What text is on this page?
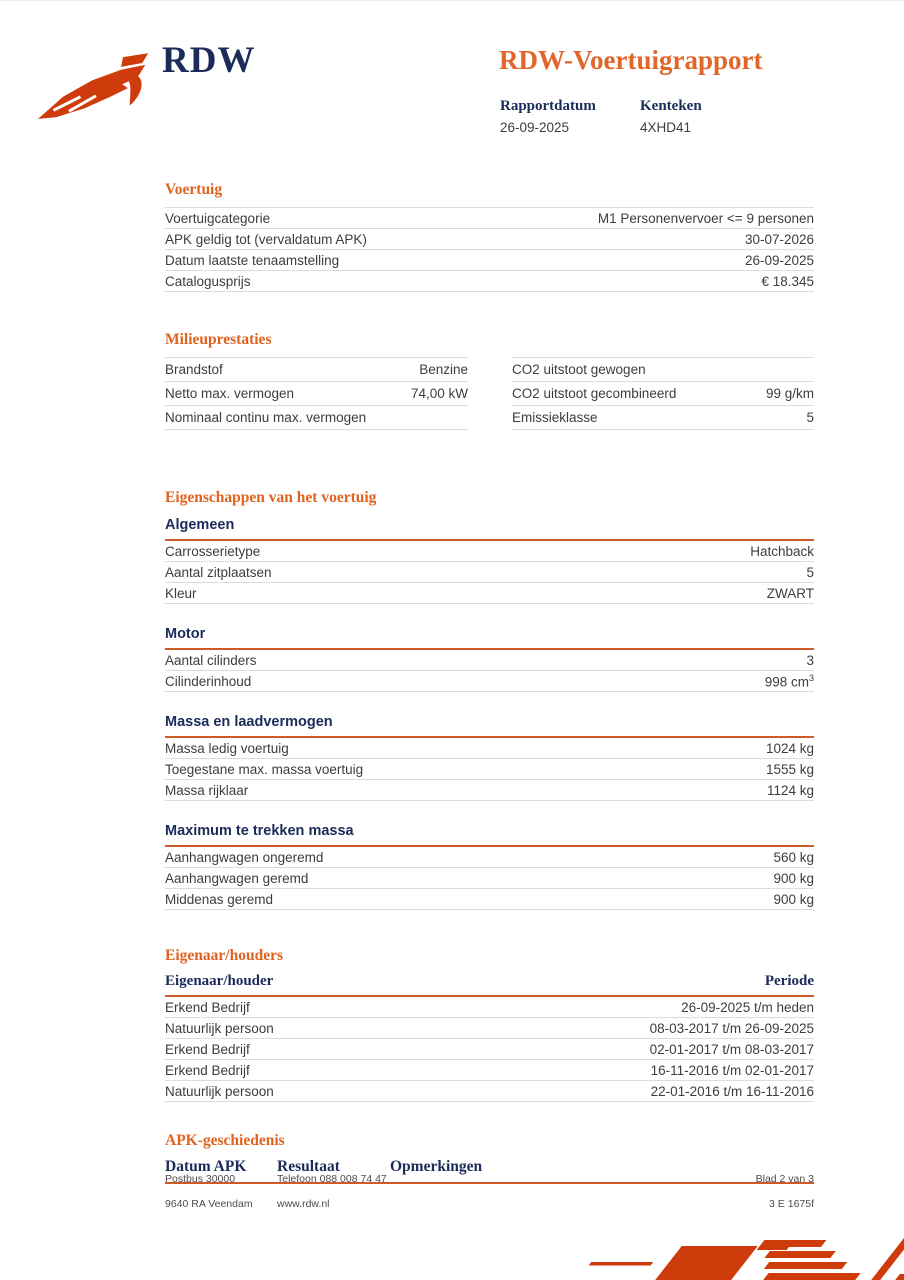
RDW	RDW-Voertuigrapport
Rapportdatum
26-09-2025
Kenteken
4XHD41
Voertuig
Voertuigcategorie	M1 Personenvervoer <= 9 personen
APK geldig tot (vervaldatum APK)	30-07-2026
Datum laatste tenaamstelling	26-09-2025
Catalogusprijs	€ 18.345
Milieuprestaties
Brandstof	Benzine
Netto max. vermogen	74,00 kW
Nominaal continu max. vermogen
CO2 uitstoot gewogen
CO2 uitstoot gecombineerd	99 g/km
Emissieklasse	5
Eigenschappen van het voertuig
Algemeen
Carrosserietype	Hatchback
Aantal zitplaatsen	5
Kleur	ZWART
Motor
Aantal cilinders	3
Cilinderinhoud	998 $cm^3$
Massa en laadvermogen
Massa ledig voertuig	1024 kg
Toegestane max. massa voertuig	1555 kg
Massa rijklaar	1124 kg
Maximum te trekken massa
Aanhangwagen ongeremd	560 kg
Aanhangwagen geremd	900 kg
Middenas geremd	900 kg
Eigenaar/houders
Eigenaar/houder	Periode
Erkend Bedrijf	26-09-2025 t/m heden
Natuurlijk persoon	08-03-2017 t/m 26-09-2025
Erkend Bedrijf	02-01-2017 t/m 08-03-2017
Erkend Bedrijf	16-11-2016 t/m 02-01-2017
Natuurlijk persoon	22-01-2016 t/m 16-11-2016
APK-geschiedenis
Datum APK	Resultaat	Opmerkingen
Postbus 30000	Telefoon 088 008 74 47	Blad 2 van 3
9640 RA Veendam	www.rdw.nl	3 E 1675f
